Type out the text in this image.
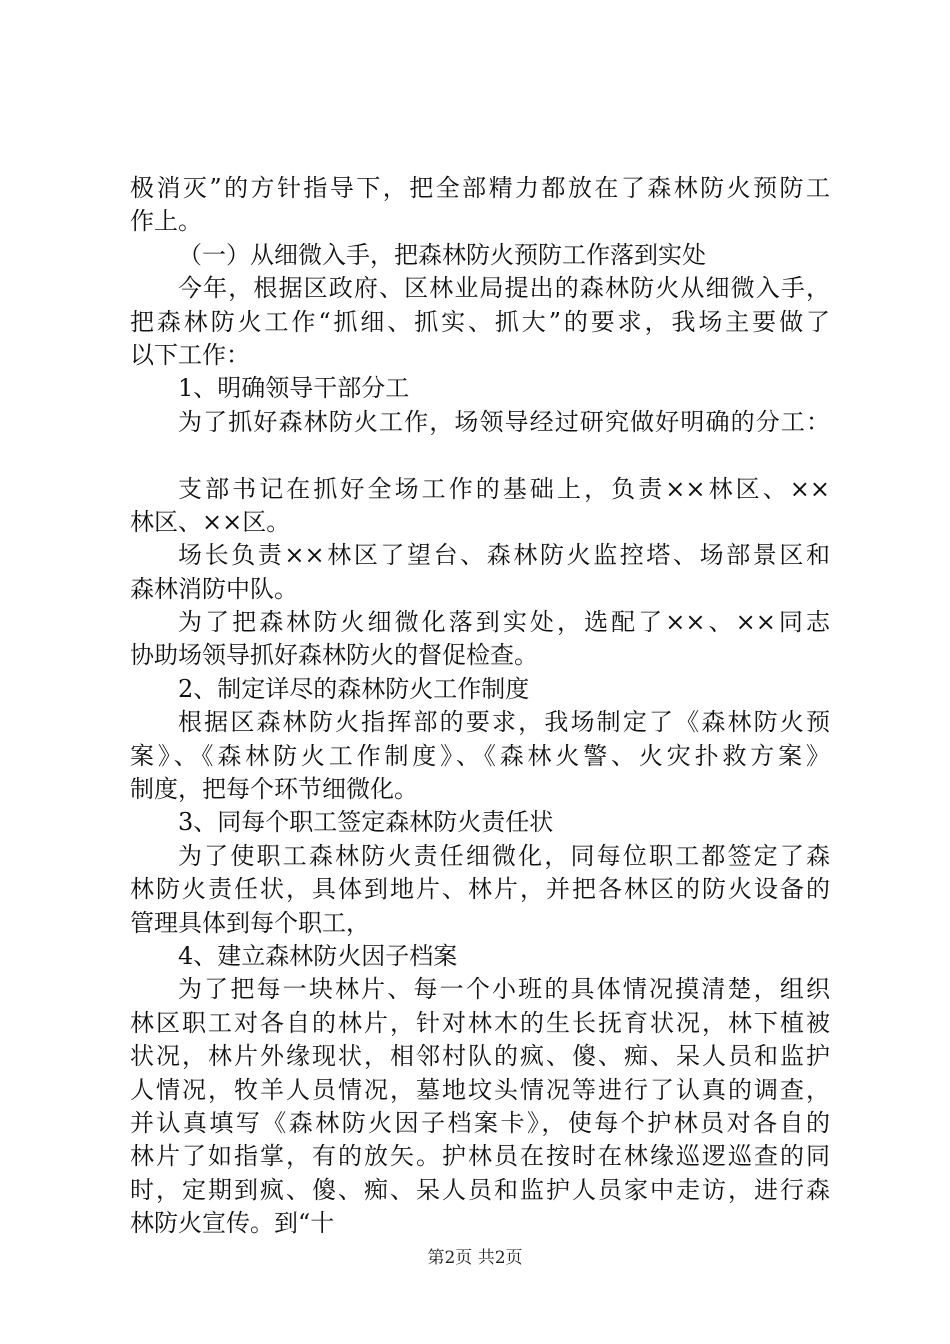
极消灭”的方针指导下，把全部精力都放在了森林防火预防工
作上。
（一）从细微入手，把森林防火预防工作落到实处
今年，根据区政府、区林业局提出的森林防火从细微入手，
把森林防火工作“抓细、抓实、抓大”的要求，我场主要做了
以下工作：
1、明确领导干部分工
为了抓好森林防火工作，场领导经过研究做好明确的分工：
支部书记在抓好全场工作的基础上，负责××林区、××
林区、××区。
场长负责××林区了望台、森林防火监控塔、场部景区和
森林消防中队。
为了把森林防火细微化落到实处，选配了××、××同志
协助场领导抓好森林防火的督促检查。
2、制定详尽的森林防火工作制度
根据区森林防火指挥部的要求，我场制定了《森林防火预
案》、《森林防火工作制度》、《森林火警、火灾扑救方案》
制度，把每个环节细微化。
3、同每个职工签定森林防火责任状
为了使职工森林防火责任细微化，同每位职工都签定了森
林防火责任状，具体到地片、林片，并把各林区的防火设备的
管理具体到每个职工，
4、建立森林防火因子档案
为了把每一块林片、每一个小班的具体情况摸清楚，组织
林区职工对各自的林片，针对林木的生长抚育状况，林下植被
状况，林片外缘现状，相邻村队的疯、傻、痴、呆人员和监护
人情况，牧羊人员情况，墓地坟头情况等进行了认真的调查，
并认真填写《森林防火因子档案卡》，使每个护林员对各自的
林片了如指掌，有的放矢。护林员在按时在林缘巡逻巡查的同
时，定期到疯、傻、痴、呆人员和监护人员家中走访，进行森
林防火宣传。到“十
第2页 共2页
